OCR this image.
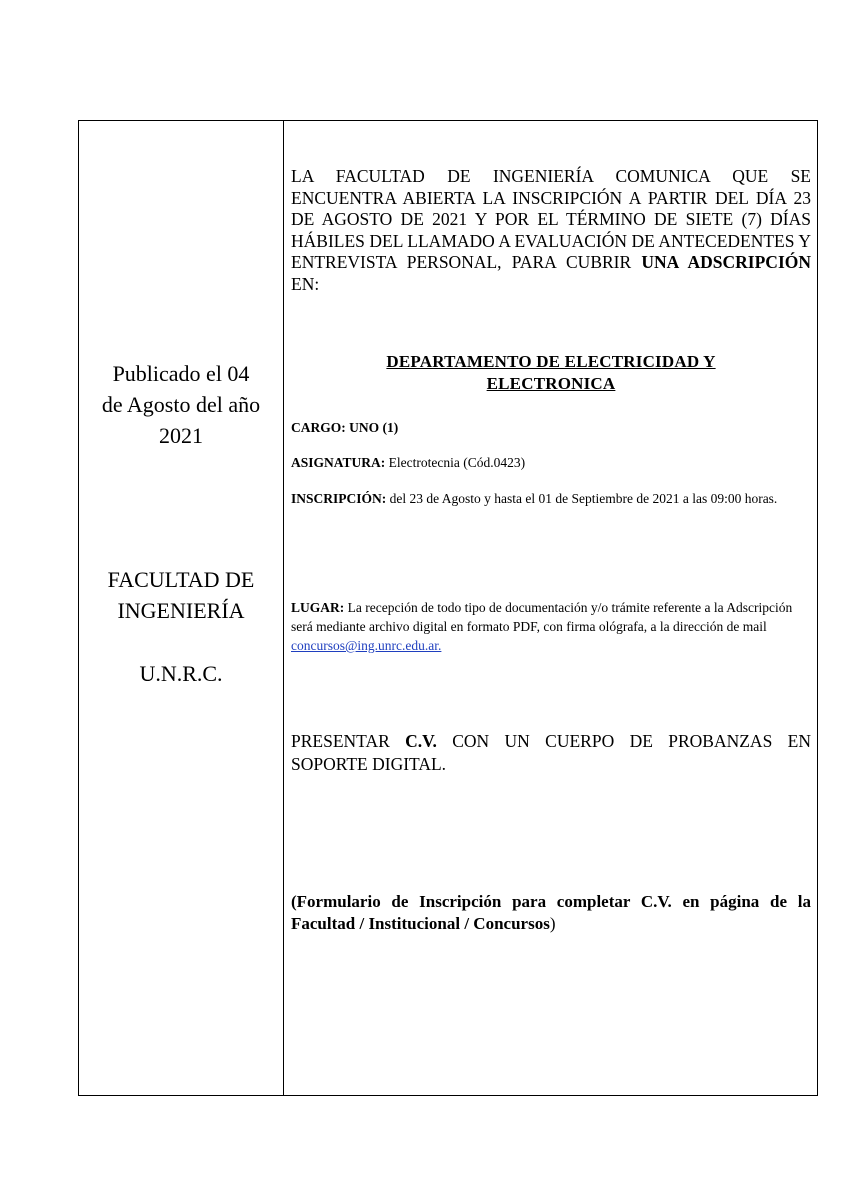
Publicado el 04
de Agosto del año
2021
FACULTAD DE
INGENIERÍA
U.N.R.C.
LA FACULTAD DE INGENIERÍA COMUNICA QUE SE ENCUENTRA ABIERTA LA INSCRIPCIÓN A PARTIR DEL DÍA 23 DE AGOSTO DE 2021 Y POR EL TÉRMINO DE SIETE (7) DÍAS HÁBILES DEL LLAMADO A EVALUACIÓN DE ANTECEDENTES Y ENTREVISTA PERSONAL, PARA CUBRIR UNA ADSCRIPCIÓN EN:
DEPARTAMENTO DE ELECTRICIDAD Y
ELECTRONICA
CARGO: UNO (1)
ASIGNATURA: Electrotecnia (Cód.0423)
INSCRIPCIÓN: del 23 de Agosto y hasta el 01 de Septiembre de 2021 a las 09:00 horas.
LUGAR: La recepción de todo tipo de documentación y/o trámite referente a la Adscripción será mediante archivo digital en formato PDF, con firma ológrafa, a la dirección de mail concursos@ing.unrc.edu.ar.
PRESENTAR C.V. CON UN CUERPO DE PROBANZAS EN SOPORTE DIGITAL.
(Formulario de Inscripción para completar C.V. en página de la Facultad / Institucional / Concursos)
